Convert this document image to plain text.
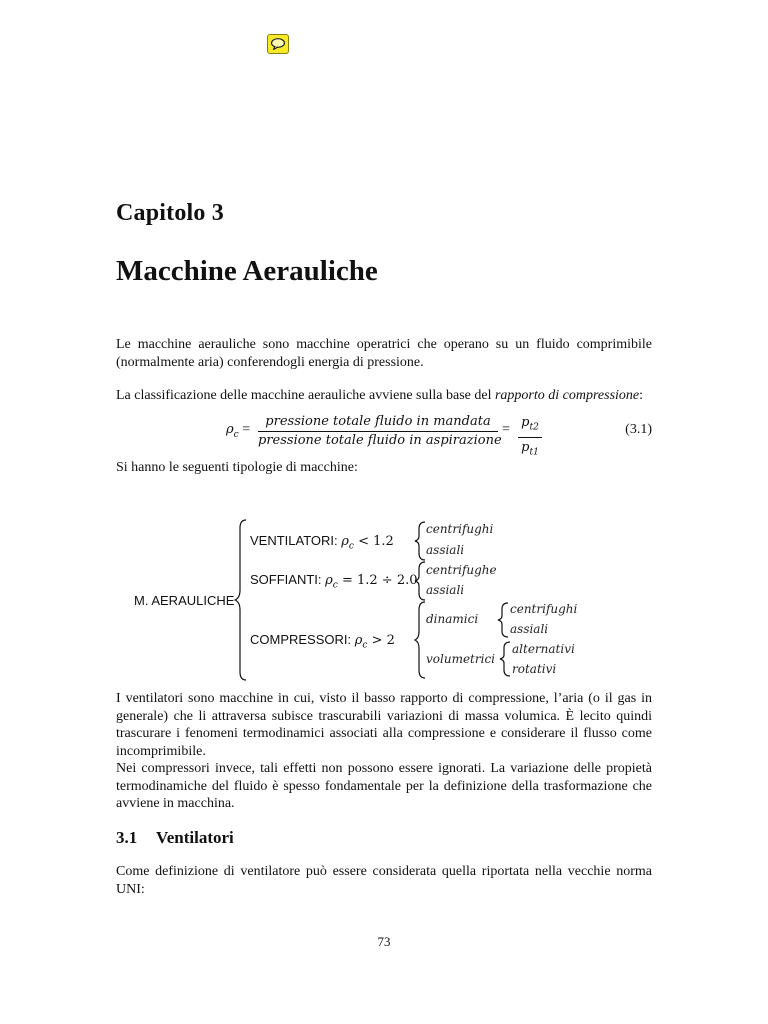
Capitolo 3
Macchine Aerauliche
Le macchine aerauliche sono macchine operatrici che operano su un fluido comprimibile (normalmente aria) conferendogli energia di pressione.
La classificazione delle macchine aerauliche avviene sulla base del rapporto di compressione:
$\rho_c$ =
pressione totale fluido in mandata
pressione totale fluido in aspirazione
= $p_{t2}$
$p_{t1}$
(3.1)
Si hanno le seguenti tipologie di macchine:
M. AERAULICHE
VENTILATORI: $\rho_c < 1.2$
centrifughi
assiali
SOFFIANTI: $\rho_c = 1.2 \div 2.0$
centrifughe
assiali
COMPRESSORI: $\rho_c > 2$
dinamici
centrifughi
assiali
volumetrici
alternativi
rotativi
I ventilatori sono macchine in cui, visto il basso rapporto di compressione, l’aria (o il gas in generale) che li attraversa subisce trascurabili variazioni di massa volumica. È lecito quindi trascurare i fenomeni termodinamici associati alla compressione e considerare il flusso come incomprimibile.
Nei compressori invece, tali effetti non possono essere ignorati. La variazione delle propietà termodinamiche del fluido è spesso fondamentale per la definizione della trasformazione che avviene in macchina.
3.1 Ventilatori
Come definizione di ventilatore può essere considerata quella riportata nella vecchie norma UNI:
73
